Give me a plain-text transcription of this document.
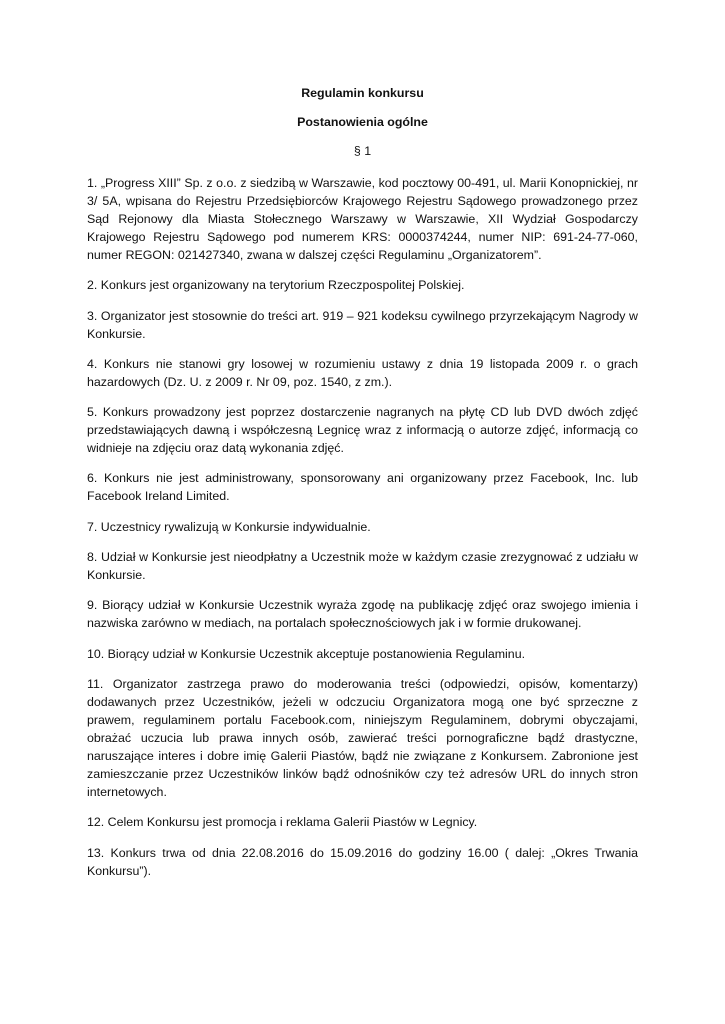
Regulamin konkursu
Postanowienia ogólne
§ 1

1. „Progress XIII” Sp. z o.o. z siedzibą w Warszawie, kod pocztowy 00-491, ul. Marii Konopnickiej, nr 3/ 5A, wpisana do Rejestru Przedsiębiorców Krajowego Rejestru Sądowego prowadzonego przez Sąd Rejonowy dla Miasta Stołecznego Warszawy w Warszawie, XII Wydział Gospodarczy Krajowego Rejestru Sądowego pod numerem KRS: 0000374244, numer NIP: 691-24-77-060, numer REGON: 021427340, zwana w dalszej części Regulaminu „Organizatorem”.

2. Konkurs jest organizowany na terytorium Rzeczpospolitej Polskiej.

3. Organizator jest stosownie do treści art. 919 – 921 kodeksu cywilnego przyrzekającym Nagrody w Konkursie.

4. Konkurs nie stanowi gry losowej w rozumieniu ustawy z dnia 19 listopada 2009 r. o grach hazardowych (Dz. U. z 2009 r. Nr 09, poz. 1540, z zm.).

5. Konkurs prowadzony jest poprzez dostarczenie nagranych na płytę CD lub DVD dwóch zdjęć przedstawiających dawną i współczesną Legnicę wraz z informacją o autorze zdjęć, informacją co widnieje na zdjęciu oraz datą wykonania zdjęć.

6. Konkurs nie jest administrowany, sponsorowany ani organizowany przez Facebook, Inc. lub Facebook Ireland Limited.

7. Uczestnicy rywalizują w Konkursie indywidualnie.

8. Udział w Konkursie jest nieodpłatny a Uczestnik może w każdym czasie zrezygnować z udziału w Konkursie.

9. Biorący udział w Konkursie Uczestnik wyraża zgodę na publikację zdjęć oraz swojego imienia i nazwiska zarówno w mediach, na portalach społecznościowych jak i w formie drukowanej.

10. Biorący udział w Konkursie Uczestnik akceptuje postanowienia Regulaminu.

11. Organizator zastrzega prawo do moderowania treści (odpowiedzi, opisów, komentarzy) dodawanych przez Uczestników, jeżeli w odczuciu Organizatora mogą one być sprzeczne z prawem, regulaminem portalu Facebook.com, niniejszym Regulaminem, dobrymi obyczajami, obrażać uczucia lub prawa innych osób, zawierać treści pornograficzne bądź drastyczne, naruszające interes i dobre imię Galerii Piastów, bądź nie związane z Konkursem. Zabronione jest zamieszczanie przez Uczestników linków bądź odnośników czy też adresów URL do innych stron internetowych.

12. Celem Konkursu jest promocja i reklama Galerii Piastów w Legnicy.

13. Konkurs trwa od dnia 22.08.2016 do 15.09.2016 do godziny 16.00 ( dalej: „Okres Trwania Konkursu”).
